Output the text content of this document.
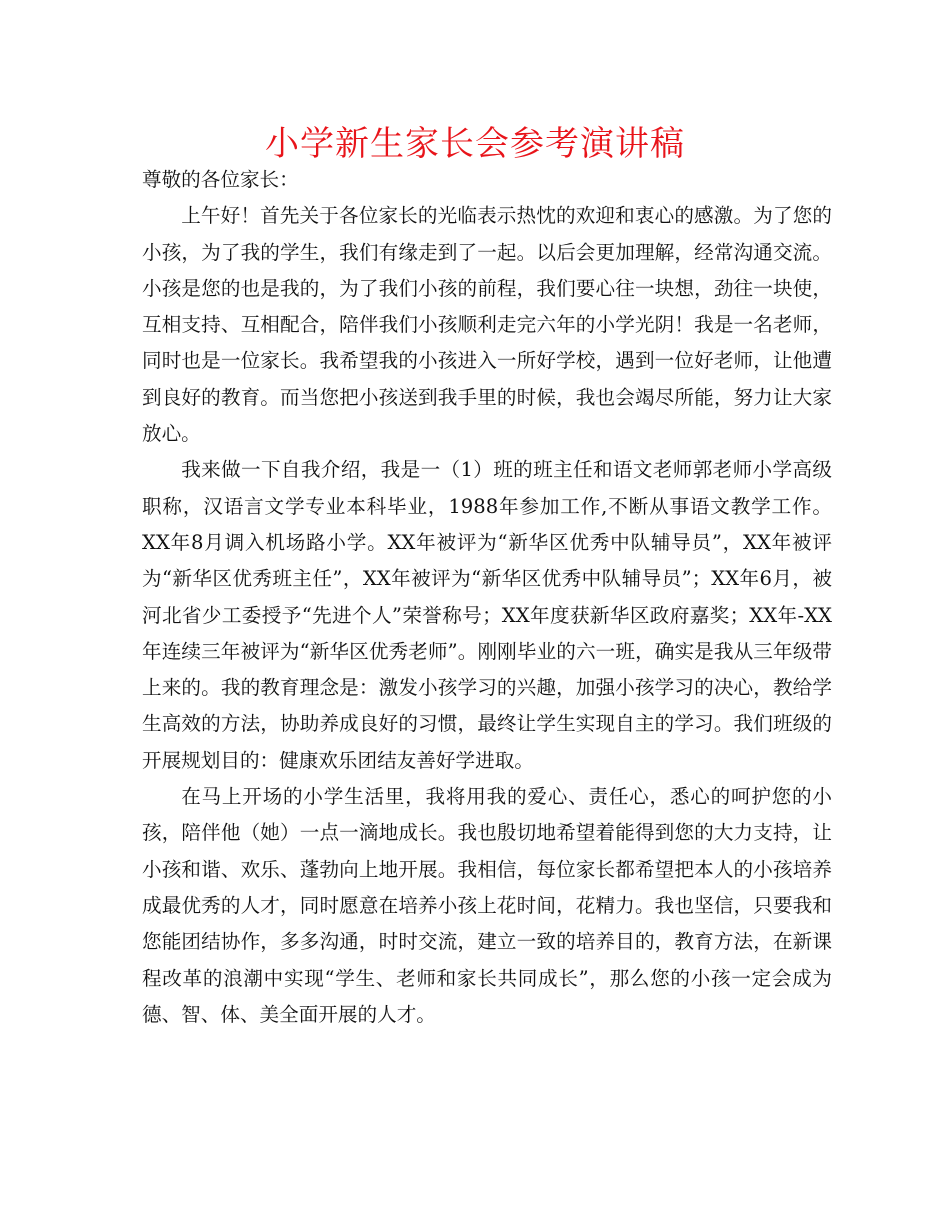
小学新生家长会参考演讲稿

尊敬的各位家长：

上午好！首先关于各位家长的光临表示热忱的欢迎和衷心的感激。为了您的小孩，为了我的学生，我们有缘走到了一起。以后会更加理解，经常沟通交流。小孩是您的也是我的，为了我们小孩的前程，我们要心往一块想，劲往一块使，互相支持、互相配合，陪伴我们小孩顺利走完六年的小学光阴！我是一名老师，同时也是一位家长。我希望我的小孩进入一所好学校，遇到一位好老师，让他遭到良好的教育。而当您把小孩送到我手里的时候，我也会竭尽所能，努力让大家放心。

我来做一下自我介绍，我是一（1）班的班主任和语文老师郭老师小学高级职称，汉语言文学专业本科毕业，1988年参加工作,不断从事语文教学工作。XX年8月调入机场路小学。XX年被评为“新华区优秀中队辅导员”，XX年被评为“新华区优秀班主任”，XX年被评为“新华区优秀中队辅导员”；XX年6月，被河北省少工委授予“先进个人”荣誉称号；XX年度获新华区政府嘉奖；XX年-XX年连续三年被评为“新华区优秀老师”。刚刚毕业的六一班，确实是我从三年级带上来的。我的教育理念是：激发小孩学习的兴趣，加强小孩学习的决心，教给学生高效的方法，协助养成良好的习惯，最终让学生实现自主的学习。我们班级的开展规划目的：健康欢乐团结友善好学进取。

在马上开场的小学生活里，我将用我的爱心、责任心，悉心的呵护您的小孩，陪伴他（她）一点一滴地成长。我也殷切地希望着能得到您的大力支持，让小孩和谐、欢乐、蓬勃向上地开展。我相信，每位家长都希望把本人的小孩培养成最优秀的人才，同时愿意在培养小孩上花时间，花精力。我也坚信，只要我和您能团结协作，多多沟通，时时交流，建立一致的培养目的，教育方法，在新课程改革的浪潮中实现“学生、老师和家长共同成长”，那么您的小孩一定会成为德、智、体、美全面开展的人才。
